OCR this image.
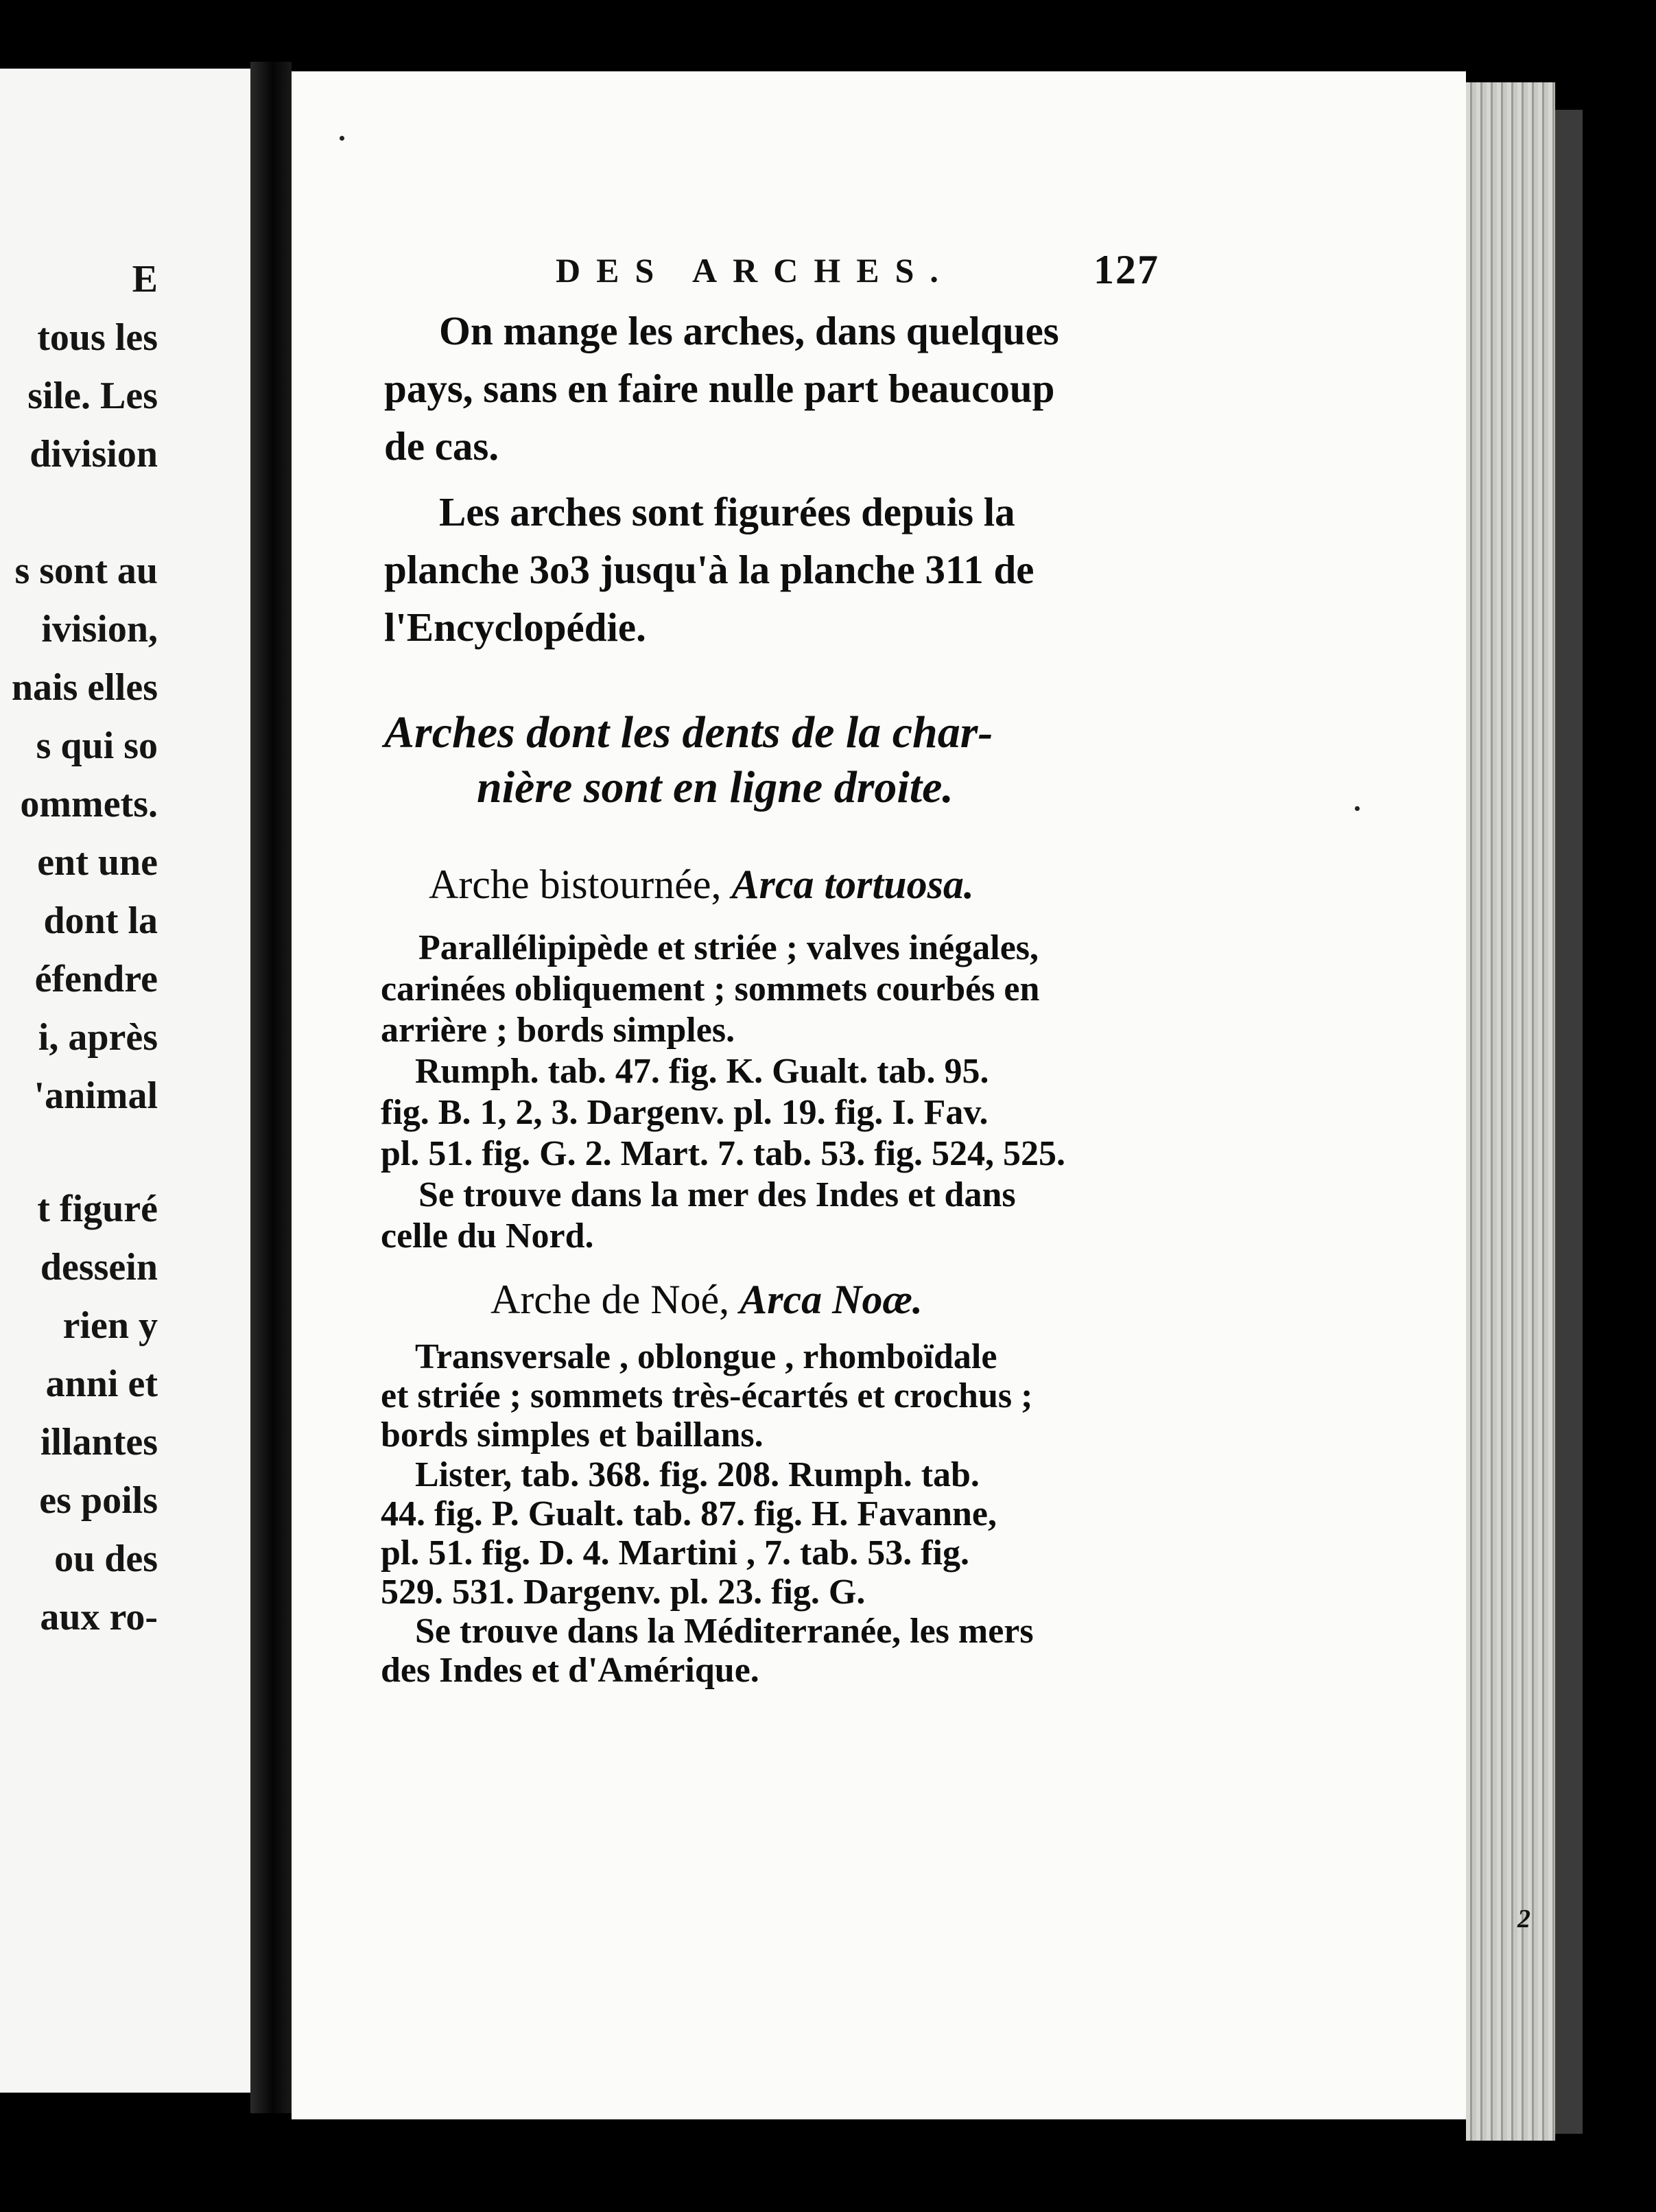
E
tous les
sile. Les
division
s sont au
ivision,
nais elles
s qui so
ommets.
ent une
dont la
éfendre
i, après
'animal
t figuré
dessein
rien y
anni et
illantes
es poils
ou des
aux ro-
2
DES ARCHES.	127
On mange les arches, dans quelques
pays, sans en faire nulle part beaucoup
de cas.
Les arches sont figurées depuis la
planche 3o3 jusqu'à la planche 311 de
l'Encyclopédie.
Arches dont les dents de la char-
nière sont en ligne droite.
Arche bistournée, Arca tortuosa.
Parallélipipède et striée ; valves inégales,
carinées obliquement ; sommets courbés en
arrière ; bords simples.
Rumph. tab. 47. fig. K. Gualt. tab. 95.
fig. B. 1, 2, 3. Dargenv. pl. 19. fig. I. Fav.
pl. 51. fig. G. 2. Mart. 7. tab. 53. fig. 524, 525.
Se trouve dans la mer des Indes et dans
celle du Nord.
Arche de Noé, Arca Noæ.
Transversale , oblongue , rhomboïdale
et striée ; sommets très-écartés et crochus ;
bords simples et baillans.
Lister, tab. 368. fig. 208. Rumph. tab.
44. fig. P. Gualt. tab. 87. fig. H. Favanne,
pl. 51. fig. D. 4. Martini , 7. tab. 53. fig.
529. 531. Dargenv. pl. 23. fig. G.
Se trouve dans la Méditerranée, les mers
des Indes et d'Amérique.
